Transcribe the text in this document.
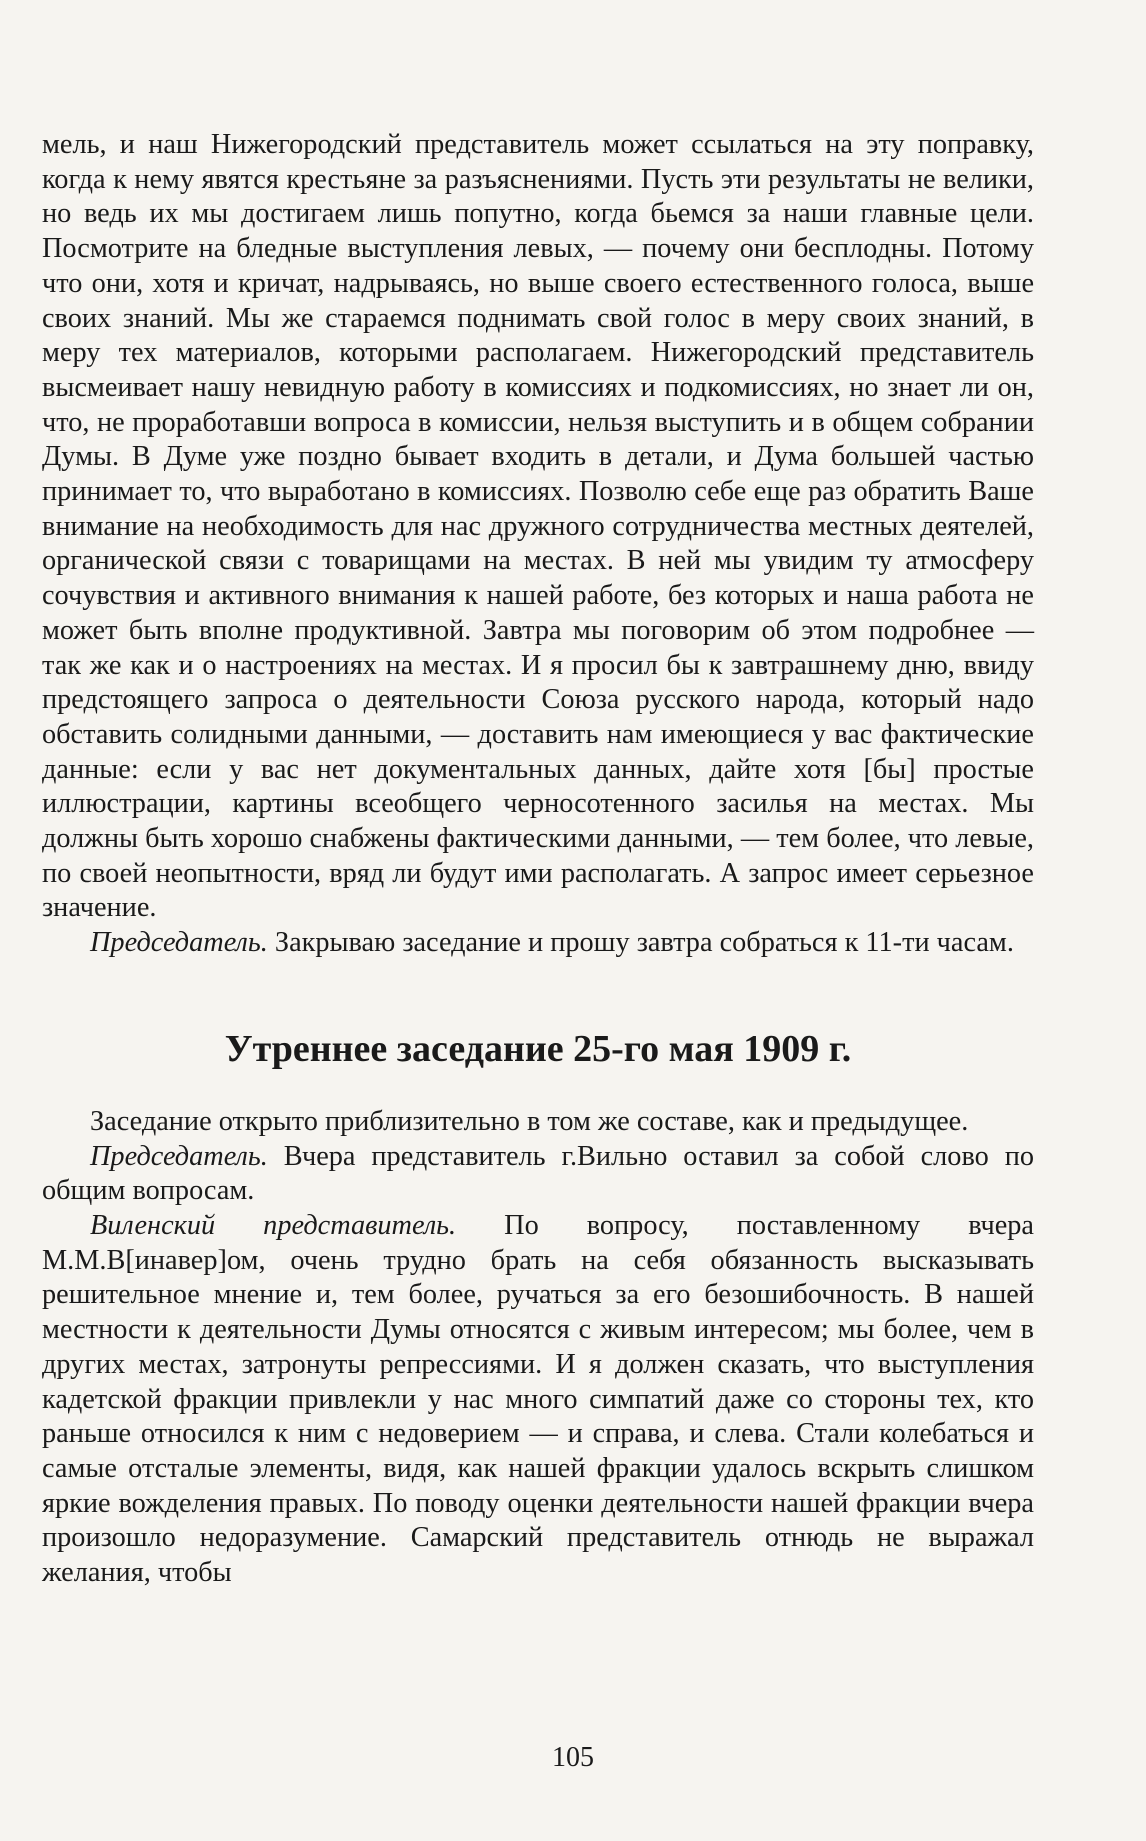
мель, и наш Нижегородский представитель может ссылаться на эту поправку, когда к нему явятся крестьяне за разъяснениями. Пусть эти результаты не велики, но ведь их мы достигаем лишь попутно, когда бьемся за наши главные цели. Посмотрите на бледные выступления левых, — почему они бесплодны. Потому что они, хотя и кричат, надрываясь, но выше своего естественного голоса, выше своих знаний. Мы же стараемся поднимать свой голос в меру своих знаний, в меру тех материалов, которыми располагаем. Нижегородский представитель высмеивает нашу невидную работу в комиссиях и подкомиссиях, но знает ли он, что, не проработавши вопроса в комиссии, нельзя выступить и в общем собрании Думы. В Думе уже поздно бывает входить в детали, и Дума большей частью принимает то, что выработано в комиссиях. Позволю себе еще раз обратить Ваше внимание на необходимость для нас дружного сотрудничества местных деятелей, органической связи с товарищами на местах. В ней мы увидим ту атмосферу сочувствия и активного внимания к нашей работе, без которых и наша работа не может быть вполне продуктивной. Завтра мы поговорим об этом подробнее — так же как и о настроениях на местах. И я просил бы к завтрашнему дню, ввиду предстоящего запроса о деятельности Союза русского народа, который надо обставить солидными данными, — доставить нам имеющиеся у вас фактические данные: если у вас нет документальных данных, дайте хотя [бы] простые иллюстрации, картины всеобщего черносотенного засилья на местах. Мы должны быть хорошо снабжены фактическими данными, — тем более, что левые, по своей неопытности, вряд ли будут ими располагать. А запрос имеет серьезное значение.

Председатель. Закрываю заседание и прошу завтра собраться к 11-ти часам.

Утреннее заседание 25-го мая 1909 г.

Заседание открыто приблизительно в том же составе, как и предыдущее.

Председатель. Вчера представитель г.Вильно оставил за собой слово по общим вопросам.

Виленский представитель. По вопросу, поставленному вчера М.М.В[инавер]ом, очень трудно брать на себя обязанность высказывать решительное мнение и, тем более, ручаться за его безошибочность. В нашей местности к деятельности Думы относятся с живым интересом; мы более, чем в других местах, затронуты репрессиями. И я должен сказать, что выступления кадетской фракции привлекли у нас много симпатий даже со стороны тех, кто раньше относился к ним с недоверием — и справа, и слева. Стали колебаться и самые отсталые элементы, видя, как нашей фракции удалось вскрыть слишком яркие вожделения правых. По поводу оценки деятельности нашей фракции вчера произошло недоразумение. Самарский представитель отнюдь не выражал желания, чтобы

105
